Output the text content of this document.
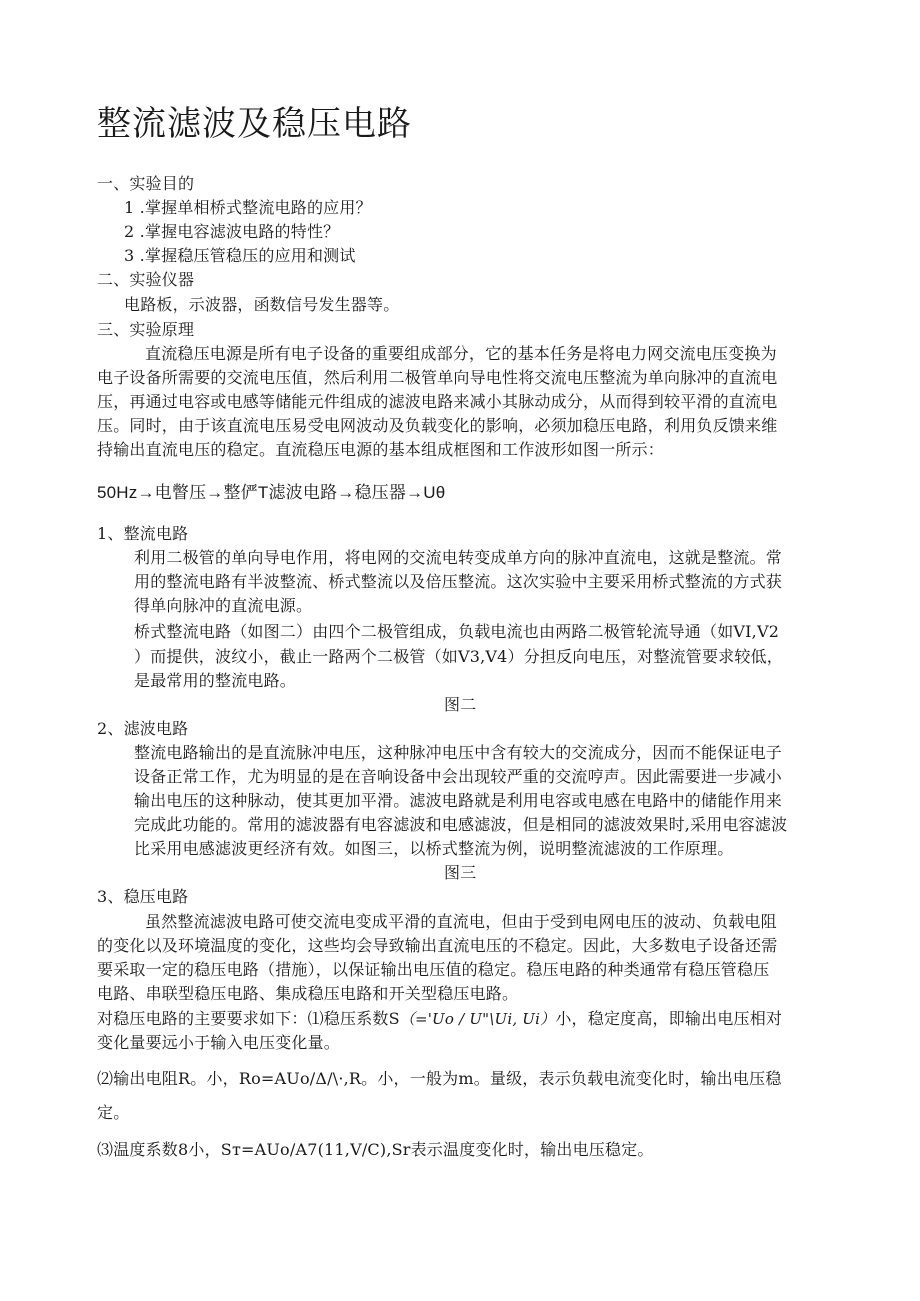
整流滤波及稳压电路
一、实验目的
1 .掌握单相桥式整流电路的应用？
2 .掌握电容滤波电路的特性？
3 .掌握稳压管稳压的应用和测试
二、实验仪器
电路板，示波器，函数信号发生器等。
三、实验原理
直流稳压电源是所有电子设备的重要组成部分，它的基本任务是将电力网交流电压变换为
电子设备所需要的交流电压值，然后利用二极管单向导电性将交流电压整流为单向脉冲的直流电
压，再通过电容或电感等储能元件组成的滤波电路来减小其脉动成分，从而得到较平滑的直流电
压。同时，由于该直流电压易受电网波动及负载变化的影响，必须加稳压电路，利用负反馈来维
持输出直流电压的稳定。直流稳压电源的基本组成框图和工作波形如图一所示：
50Hz→电瞥压→整俨T滤波电路→稳压器→Uθ
1、整流电路
利用二极管的单向导电作用，将电网的交流电转变成单方向的脉冲直流电，这就是整流。常
用的整流电路有半波整流、桥式整流以及倍压整流。这次实验中主要采用桥式整流的方式获
得单向脉冲的直流电源。
桥式整流电路（如图二）由四个二极管组成，负载电流也由两路二极管轮流导通（如VI,V2
）而提供，波纹小，截止一路两个二极管（如V3,V4）分担反向电压，对整流管要求较低，
是最常用的整流电路。
图二
2、滤波电路
整流电路输出的是直流脉冲电压，这种脉冲电压中含有较大的交流成分，因而不能保证电子
设备正常工作，尤为明显的是在音响设备中会出现较严重的交流哼声。因此需要进一步减小
输出电压的这种脉动，使其更加平滑。滤波电路就是利用电容或电感在电路中的储能作用来
完成此功能的。常用的滤波器有电容滤波和电感滤波，但是相同的滤波效果时,采用电容滤波
比采用电感滤波更经济有效。如图三，以桥式整流为例，说明整流滤波的工作原理。
图三
3、稳压电路
虽然整流滤波电路可使交流电变成平滑的直流电，但由于受到电网电压的波动、负载电阻
的变化以及环境温度的变化，这些均会导致输出直流电压的不稳定。因此，大多数电子设备还需
要采取一定的稳压电路（措施），以保证输出电压值的稳定。稳压电路的种类通常有稳压管稳压
电路、串联型稳压电路、集成稳压电路和开关型稳压电路。
对稳压电路的主要要求如下：⑴稳压系数S（='Uo / U"\Ui, Ui）小，稳定度高，即输出电压相对
变化量要远小于输入电压变化量。
⑵输出电阻R。小，Ro=AUo∕Δ/\·,R。小，一般为m。量级，表示负载电流变化时，输出电压稳
定。
⑶温度系数8小，Sт=AUo∕A7(11,V∕C),Sr表示温度变化时，输出电压稳定。
